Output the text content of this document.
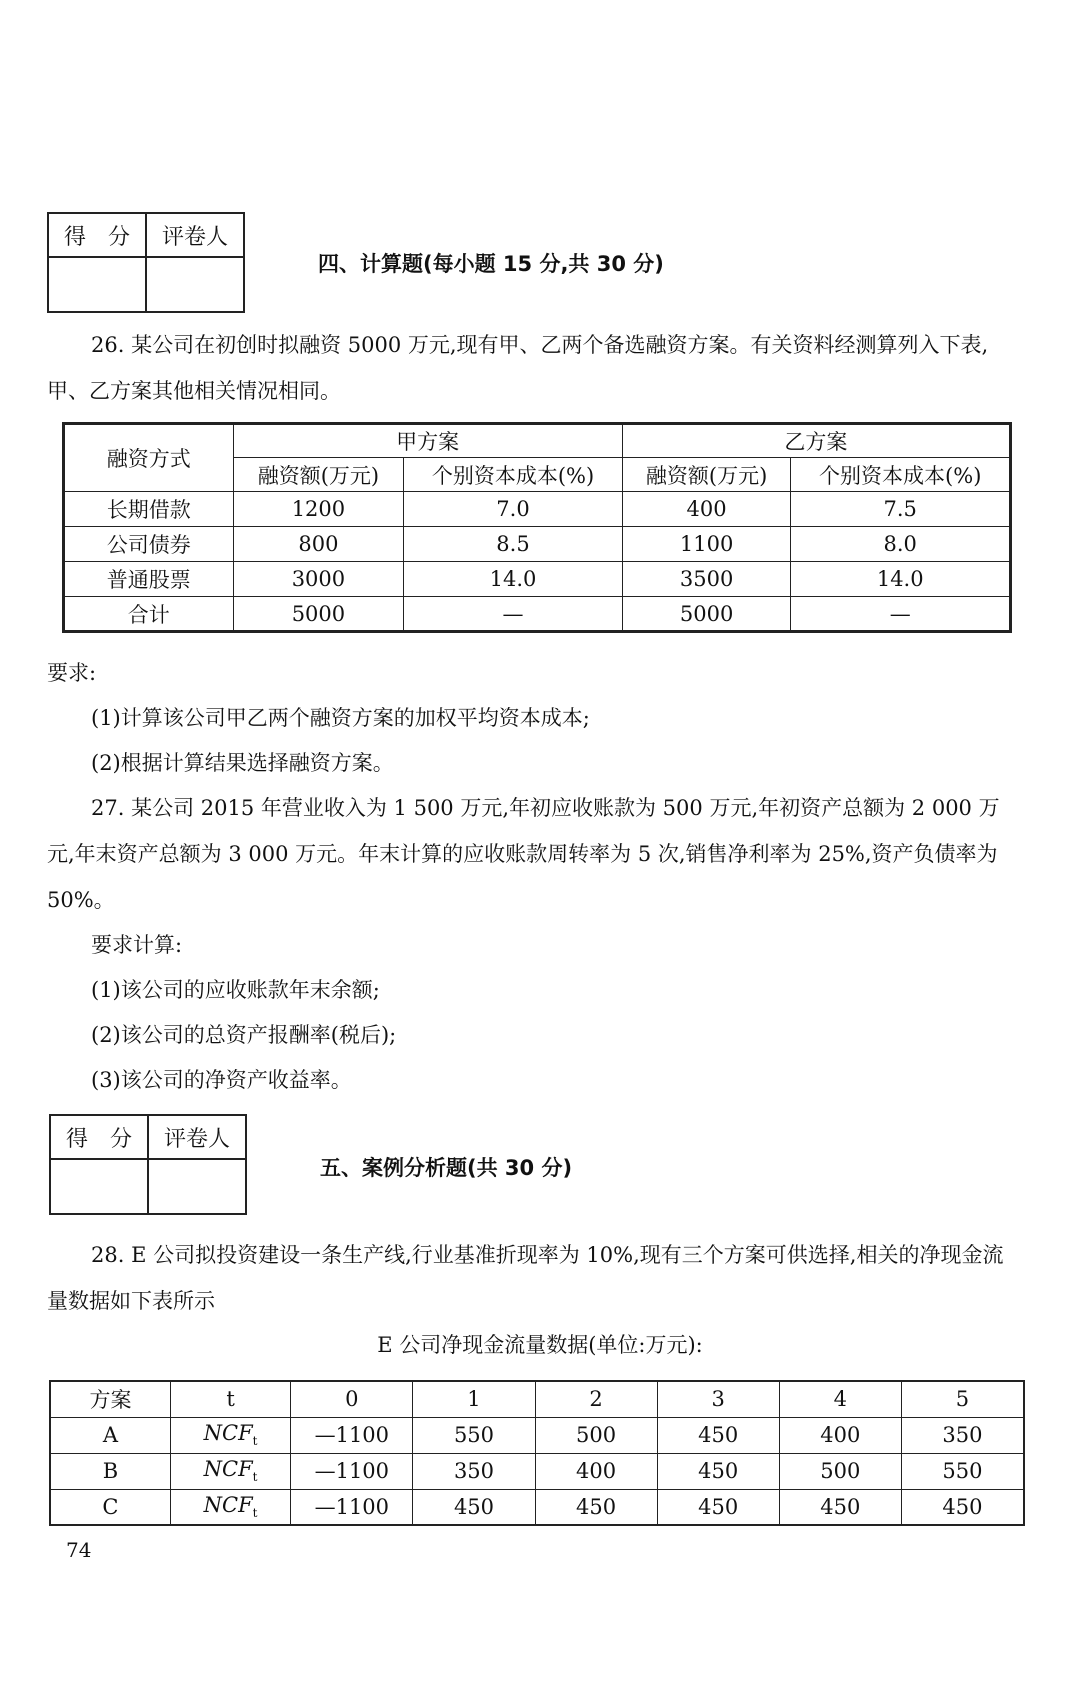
得　分	评卷人

四、计算题(每小题 15 分,共 30 分)

26. 某公司在初创时拟融资 5000 万元,现有甲、乙两个备选融资方案。有关资料经测算列入下表,甲、乙方案其他相关情况相同。

融资方式	甲方案		乙方案	
	融资额(万元)	个别资本成本(%)	融资额(万元)	个别资本成本(%)
长期借款	1200	7.0	400	7.5
公司债券	800	8.5	1100	8.0
普通股票	3000	14.0	3500	14.0
合计	5000	—	5000	—

要求:

(1)计算该公司甲乙两个融资方案的加权平均资本成本;

(2)根据计算结果选择融资方案。

27. 某公司 2015 年营业收入为 1 500 万元,年初应收账款为 500 万元,年初资产总额为 2 000 万元,年末资产总额为 3 000 万元。年末计算的应收账款周转率为 5 次,销售净利率为 25%,资产负债率为 50%。

要求计算:

(1)该公司的应收账款年末余额;

(2)该公司的总资产报酬率(税后);

(3)该公司的净资产收益率。

得　分	评卷人

五、案例分析题(共 30 分)

28. E 公司拟投资建设一条生产线,行业基准折现率为 10%,现有三个方案可供选择,相关的净现金流量数据如下表所示

E 公司净现金流量数据(单位:万元):
方案	t	0	1	2	3	4	5
A	$NCF_t$	—1100	550	500	450	400	350
B	$NCF_t$	—1100	350	400	450	500	550
C	$NCF_t$	—1100	450	450	450	450	450
74
